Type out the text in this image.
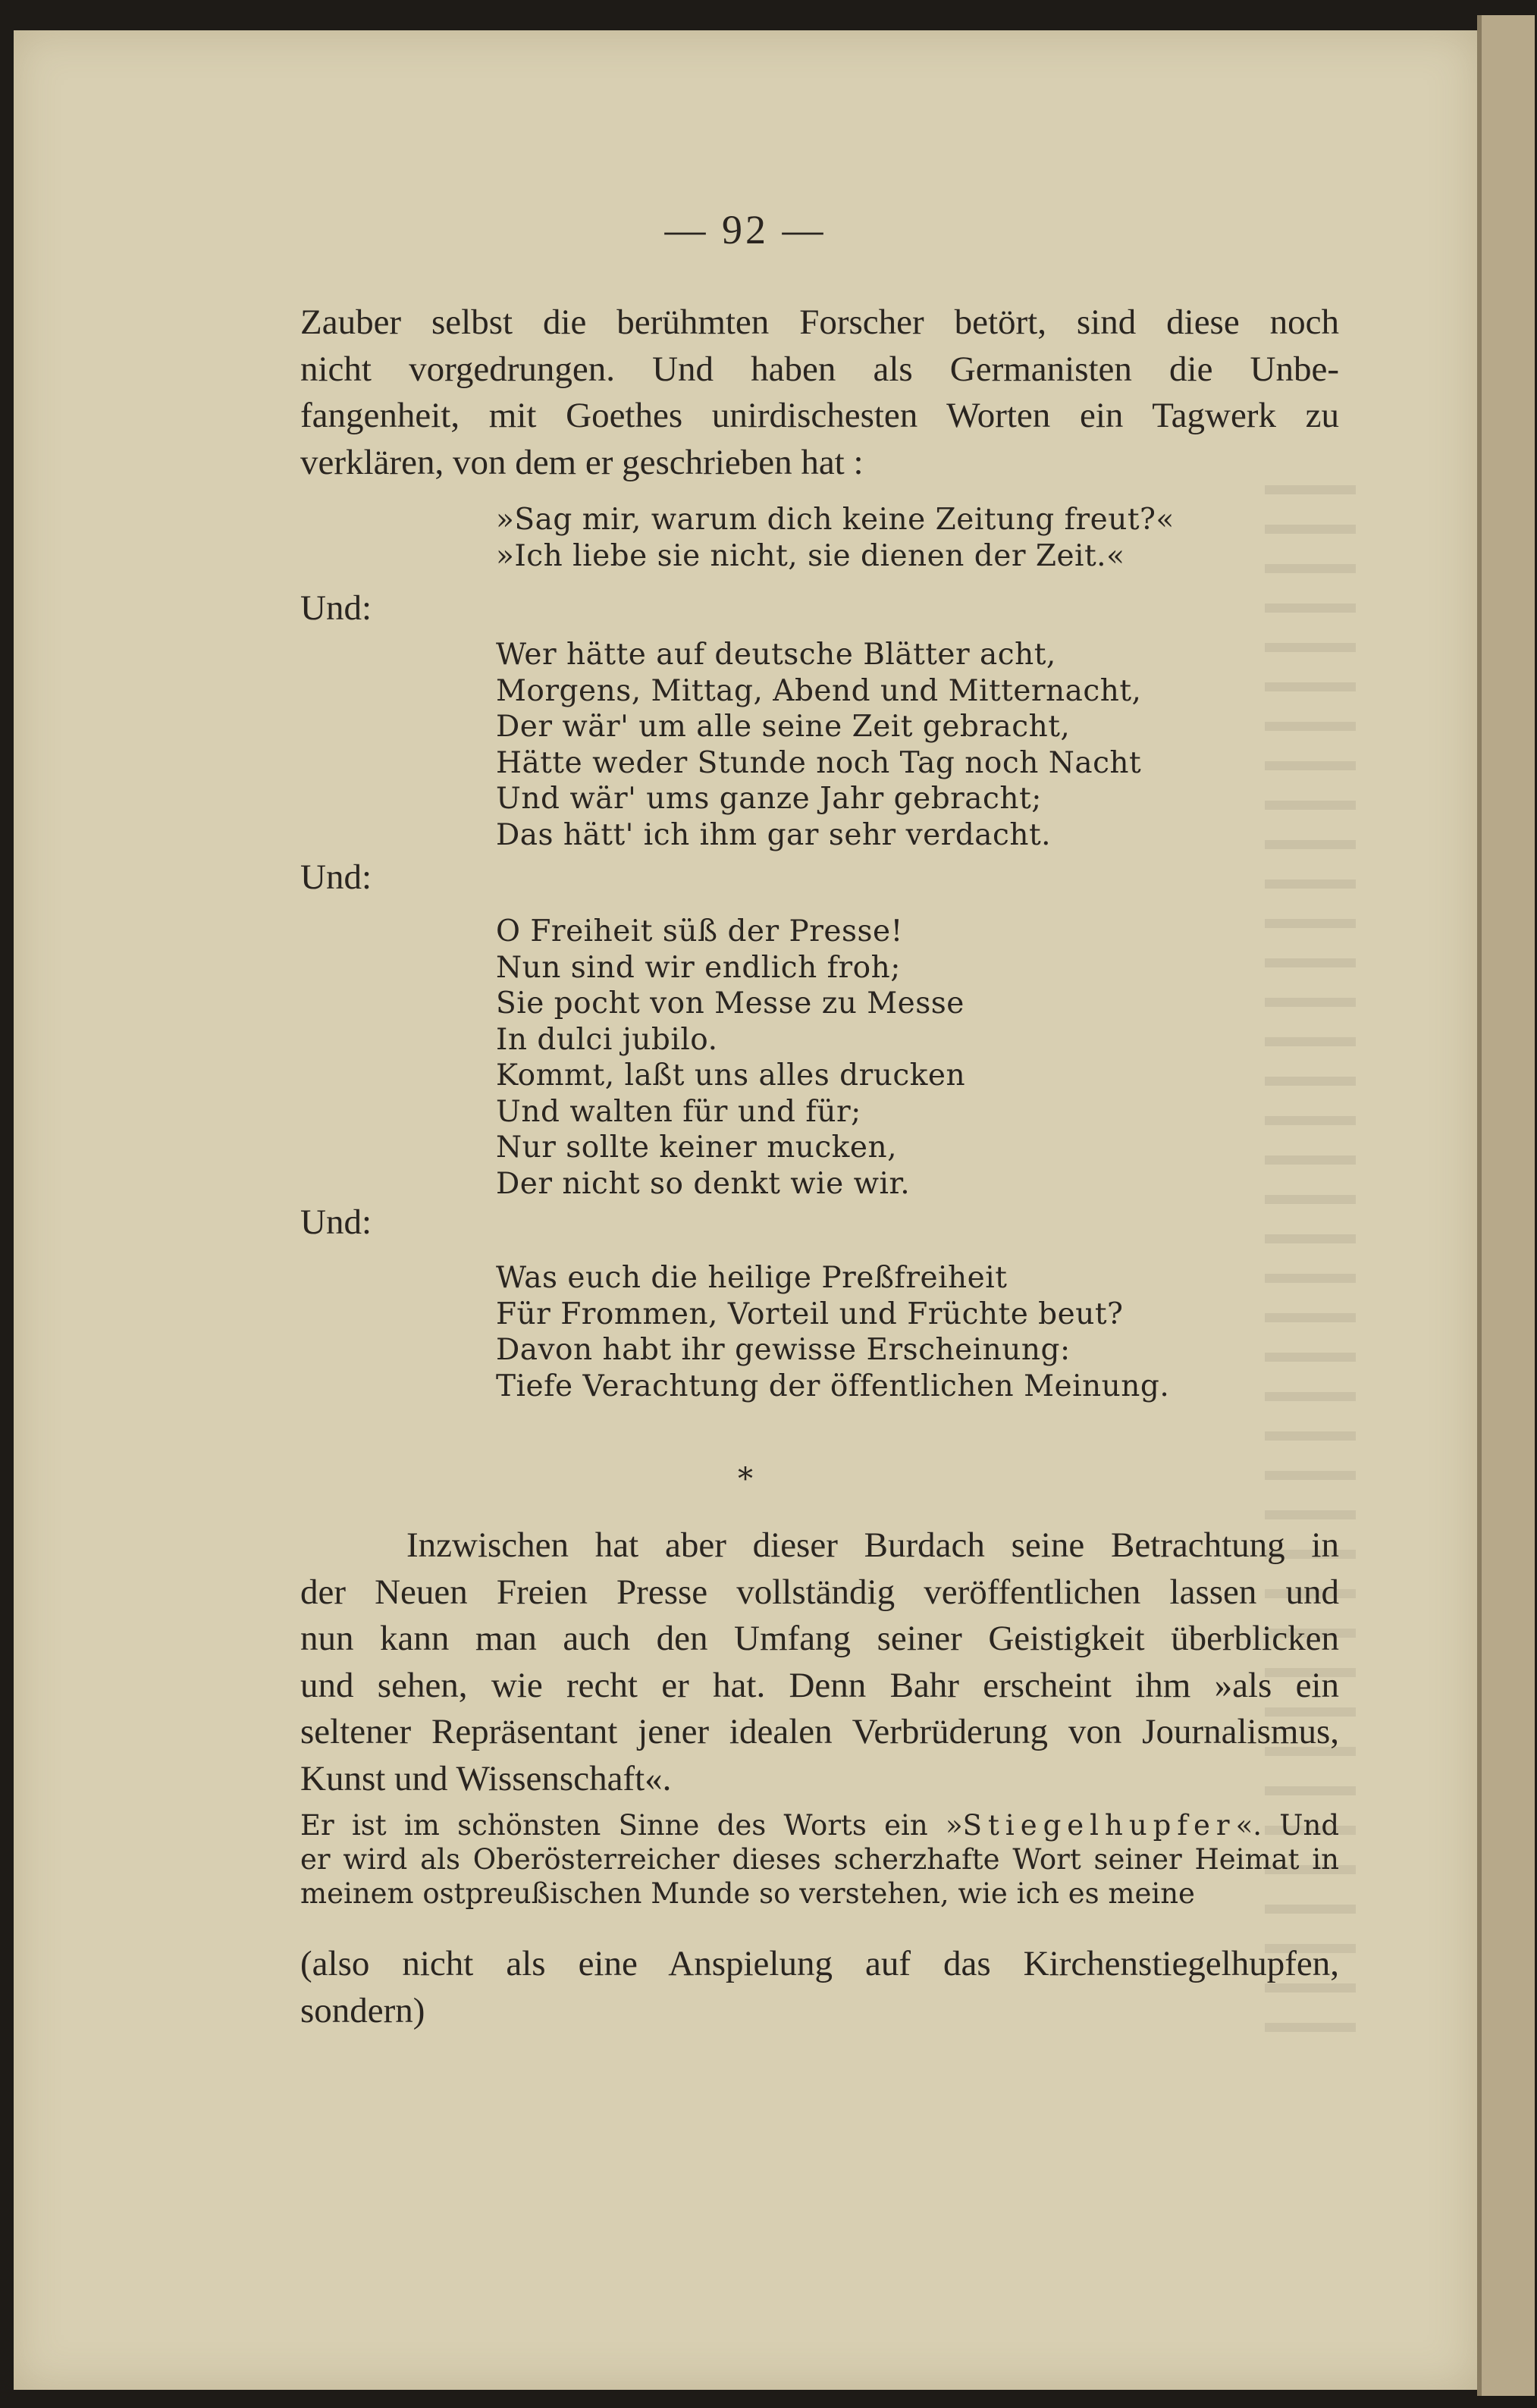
— 92 —
Zauber selbst die berühmten Forscher betört, sind diese noch
nicht vorgedrungen. Und haben als Germanisten die Unbe-
fangenheit, mit Goethes unirdischesten Worten ein Tagwerk zu
verklären, von dem er geschrieben hat :
»Sag mir, warum dich keine Zeitung freut?«
»Ich liebe sie nicht, sie dienen der Zeit.«
Und:
Wer hätte auf deutsche Blätter acht,
Morgens, Mittag, Abend und Mitternacht,
Der wär' um alle seine Zeit gebracht,
Hätte weder Stunde noch Tag noch Nacht
Und wär' ums ganze Jahr gebracht;
Das hätt' ich ihm gar sehr verdacht.
Und:
O Freiheit süß der Presse!
Nun sind wir endlich froh;
Sie pocht von Messe zu Messe
In dulci jubilo.
Kommt, laßt uns alles drucken
Und walten für und für;
Nur sollte keiner mucken,
Der nicht so denkt wie wir.
Und:
Was euch die heilige Preßfreiheit
Für Frommen, Vorteil und Früchte beut?
Davon habt ihr gewisse Erscheinung:
Tiefe Verachtung der öffentlichen Meinung.
*
Inzwischen hat aber dieser Burdach seine Betrachtung in
der Neuen Freien Presse vollständig veröffentlichen lassen und
nun kann man auch den Umfang seiner Geistigkeit überblicken
und sehen, wie recht er hat. Denn Bahr erscheint ihm »als ein
seltener Repräsentant jener idealen Verbrüderung von Journalismus,
Kunst und Wissenschaft«.
Er ist im schönsten Sinne des Worts ein »Stiegelhupfer«. Und
er wird als Oberösterreicher dieses scherzhafte Wort seiner Heimat in
meinem ostpreußischen Munde so verstehen, wie ich es meine
(also nicht als eine Anspielung auf das Kirchenstiegelhupfen,
sondern)
